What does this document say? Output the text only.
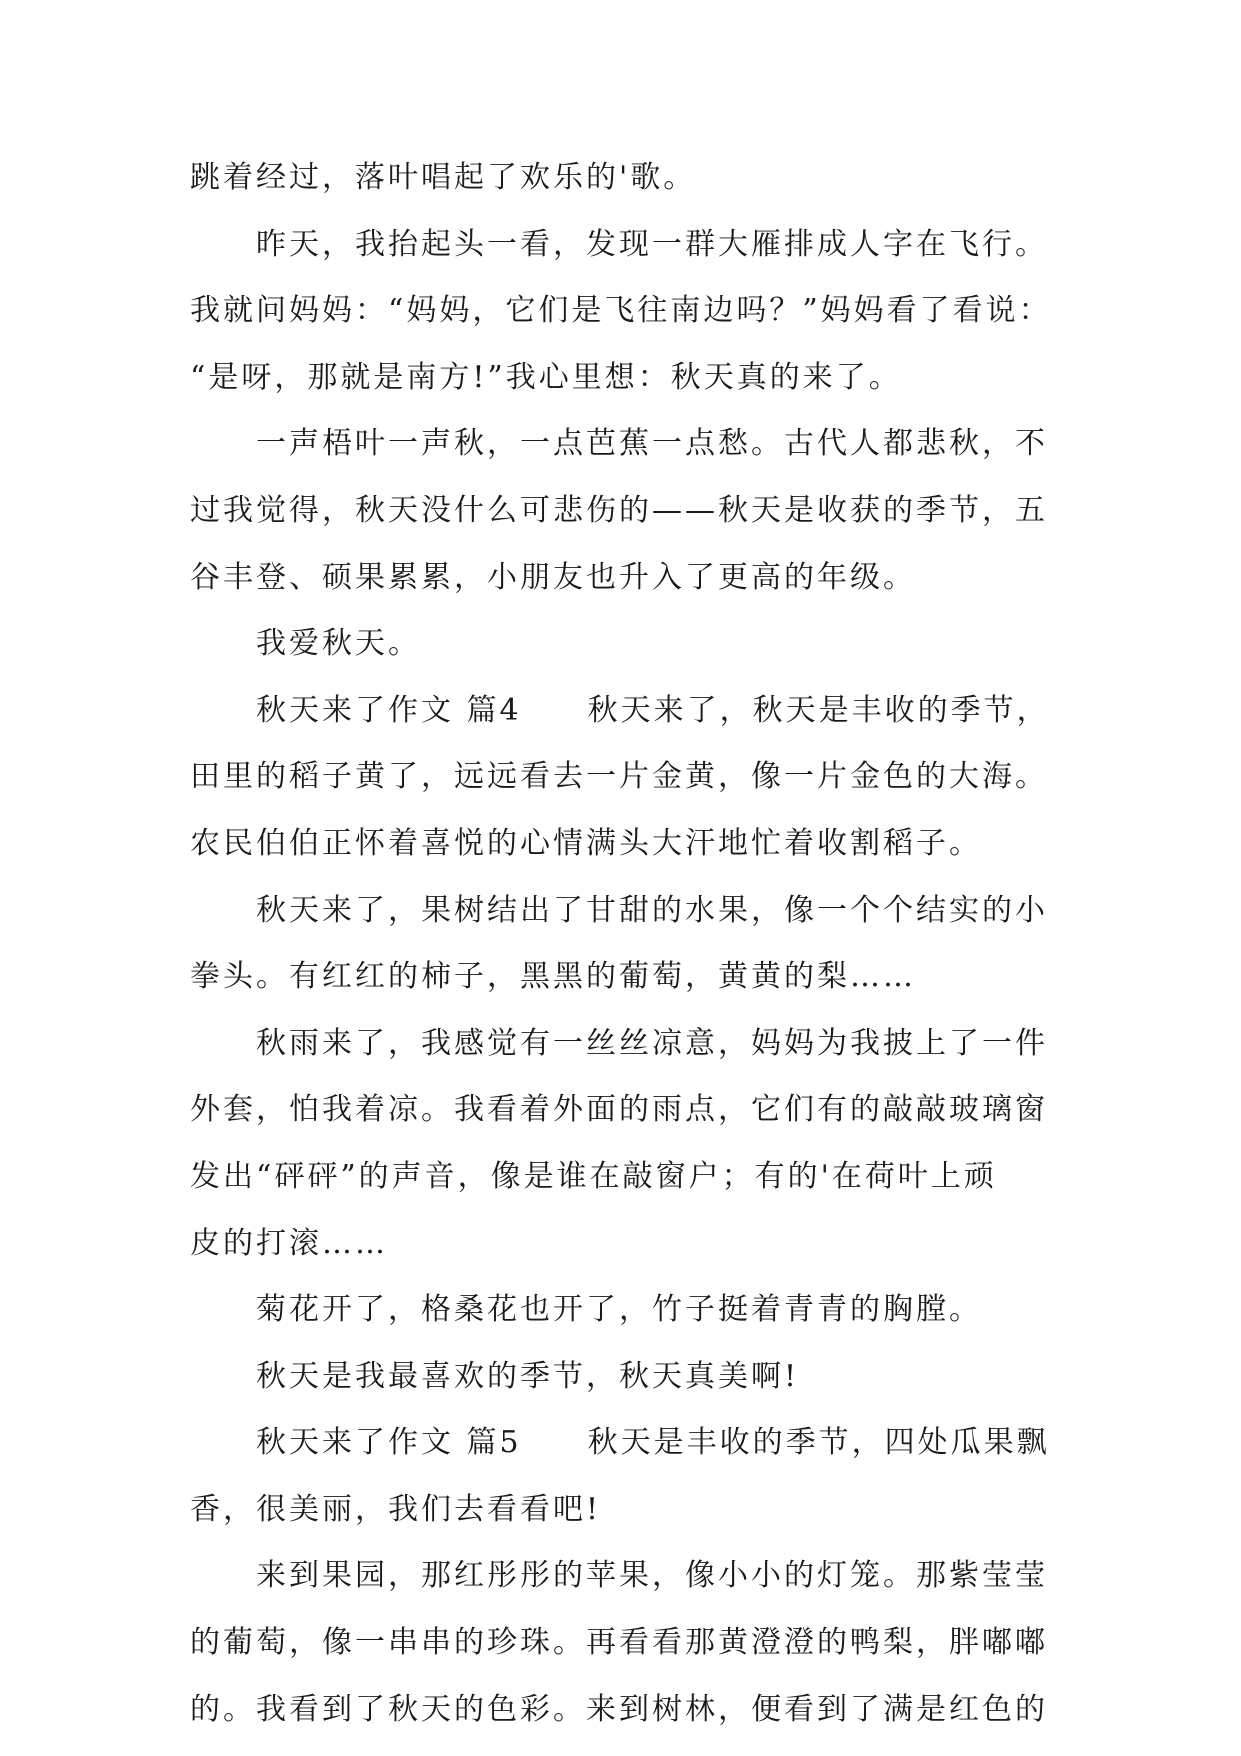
跳着经过，落叶唱起了欢乐的'歌。
昨天，我抬起头一看，发现一群大雁排成人字在飞行。
我就问妈妈：“妈妈，它们是飞往南边吗？”妈妈看了看说：
“是呀，那就是南方!”我心里想：秋天真的来了。
一声梧叶一声秋，一点芭蕉一点愁。古代人都悲秋，不
过我觉得，秋天没什么可悲伤的——秋天是收获的季节，五
谷丰登、硕果累累，小朋友也升入了更高的年级。
我爱秋天。
秋天来了作文 篇4　　秋天来了，秋天是丰收的季节，
田里的稻子黄了，远远看去一片金黄，像一片金色的大海。
农民伯伯正怀着喜悦的心情满头大汗地忙着收割稻子。
秋天来了，果树结出了甘甜的水果，像一个个结实的小
拳头。有红红的柿子，黑黑的葡萄，黄黄的梨……
秋雨来了，我感觉有一丝丝凉意，妈妈为我披上了一件
外套，怕我着凉。我看着外面的雨点，它们有的敲敲玻璃窗
发出“砰砰”的声音，像是谁在敲窗户；有的'在荷叶上顽
皮的打滚……
菊花开了，格桑花也开了，竹子挺着青青的胸膛。
秋天是我最喜欢的季节，秋天真美啊!
秋天来了作文 篇5　　秋天是丰收的季节，四处瓜果飘
香，很美丽，我们去看看吧!
来到果园，那红彤彤的苹果，像小小的灯笼。那紫莹莹
的葡萄，像一串串的珍珠。再看看那黄澄澄的鸭梨，胖嘟嘟
的。我看到了秋天的色彩。来到树林，便看到了满是红色的
